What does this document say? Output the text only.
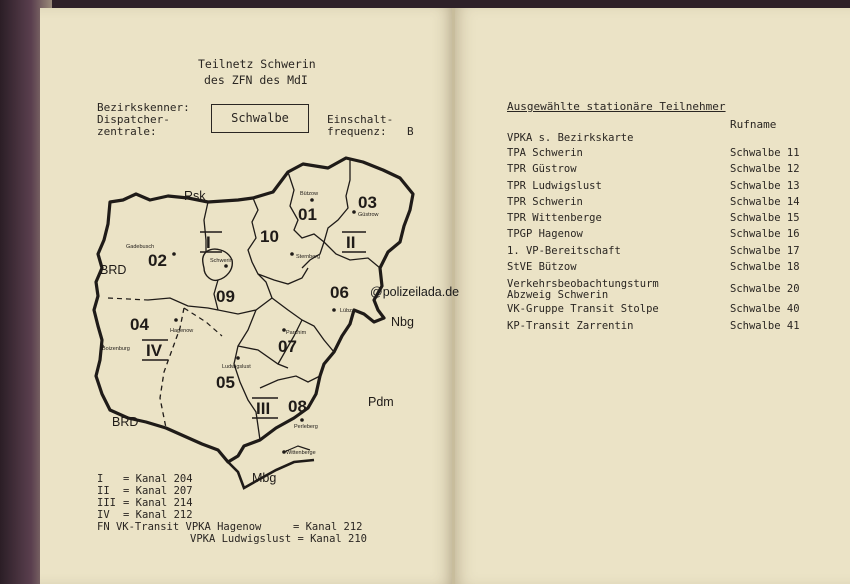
Teilnetz Schwerin
des ZFN des MdI
Bezirkskenner:
Dispatcher-
zentrale:
Schwalbe	Einschalt-
frequenz: B
01
02
03
04
05
06
07
08
09
10
I	II
III
IV
Bützow
Güstrow
Gadebusch
Schwerin
Sternberg
Hagenow
Lübz
Parchim
Ludwigslust
Boizenburg
Perleberg
Wittenberge
Rsk
BRD
BRD
Nbg
Pdm
Mbg
I = Kanal 204
II = Kanal 207
III = Kanal 214
IV = Kanal 212
FN VK-Transit VPKA Hagenow     = Kanal 212
VPKA Ludwigslust = Kanal 210
@polizeilada.de
Ausgewählte stationäre Teilnehmer
Rufname
VPKA s. Bezirkskarte
TPA Schwerin	Schwalbe 11
TPR Güstrow	Schwalbe 12
TPR Ludwigslust	Schwalbe 13
TPR Schwerin	Schwalbe 14
TPR Wittenberge	Schwalbe 15
TPGP Hagenow	Schwalbe 16
1. VP-Bereitschaft	Schwalbe 17
StVE Bützow	Schwalbe 18
Verkehrsbeobachtungsturm
Abzweig Schwerin	Schwalbe 20
VK-Gruppe Transit Stolpe	Schwalbe 40
KP-Transit Zarrentin	Schwalbe 41
